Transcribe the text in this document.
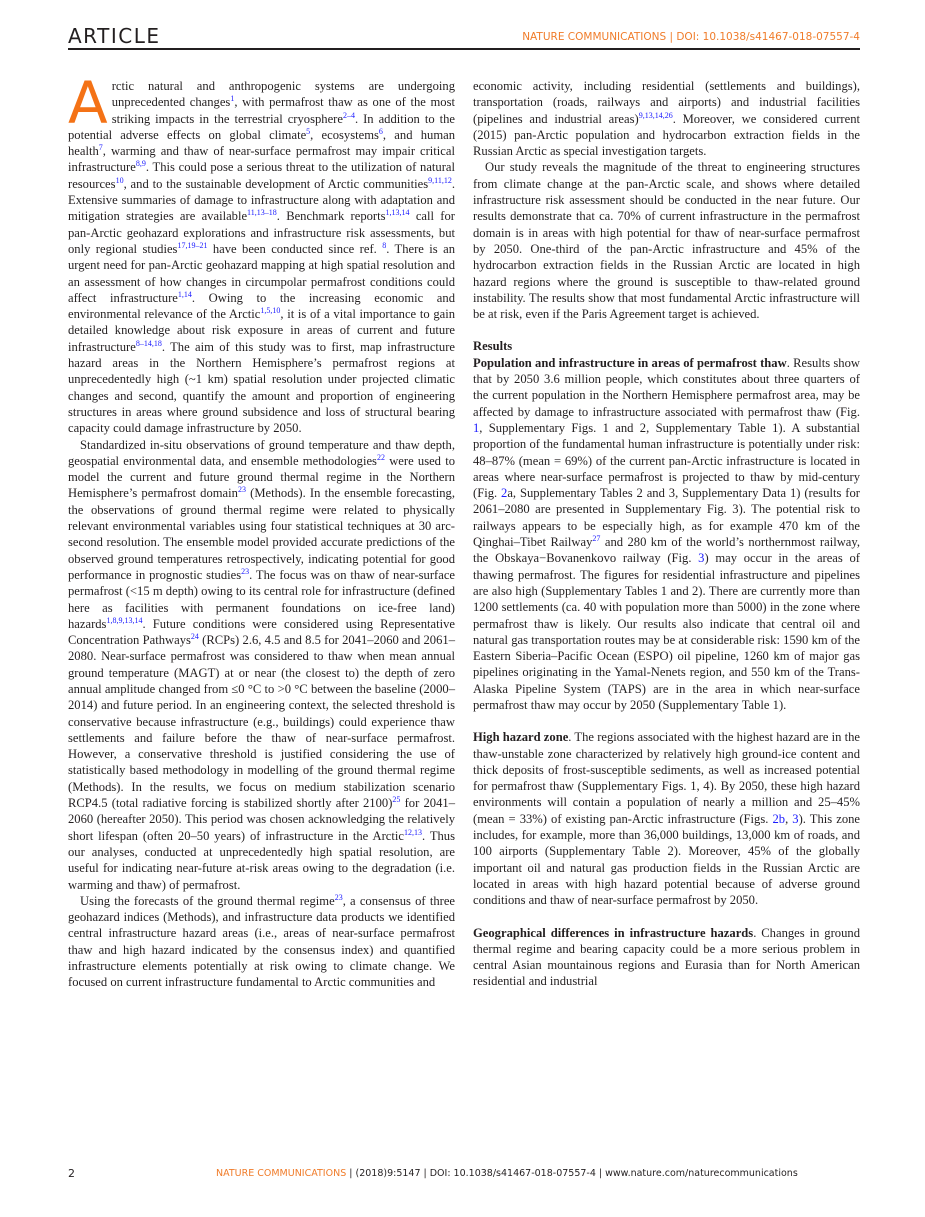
ARTICLE	NATURE COMMUNICATIONS | DOI: 10.1038/s41467-018-07557-4

Arctic natural and anthropogenic systems are undergoing unprecedented changes$^1$, with permafrost thaw as one of the most striking impacts in the terrestrial cryosphere$^{2-4}$. In addition to the potential adverse effects on global climate$^5$, ecosystems$^6$, and human health$^7$, warming and thaw of near-surface permafrost may impair critical infrastructure$^{8,9}$. This could pose a serious threat to the utilization of natural resources$^{10}$, and to the sustainable development of Arctic communities$^{9,11,12}$. Extensive summaries of damage to infrastructure along with adaptation and mitigation strategies are available$^{11,13-18}$. Benchmark reports$^{1,13,14}$ call for pan-Arctic geohazard explorations and infrastructure risk assessments, but only regional studies$^{17,19-21}$ have been conducted since ref. $^8$. There is an urgent need for pan-Arctic geohazard mapping at high spatial resolution and an assessment of how changes in circumpolar permafrost conditions could affect infrastructure$^{1,14}$. Owing to the increasing economic and environmental relevance of the Arctic$^{1,5,10}$, it is of a vital importance to gain detailed knowledge about risk exposure in areas of current and future infrastructure$^{8-14,18}$. The aim of this study was to first, map infrastructure hazard areas in the Northern Hemisphere’s permafrost regions at unprecedentedly high (~1 km) spatial resolution under projected climatic changes and second, quantify the amount and proportion of engineering structures in areas where ground subsidence and loss of structural bearing capacity could damage infrastructure by 2050.

Standardized in-situ observations of ground temperature and thaw depth, geospatial environmental data, and ensemble methodologies$^{22}$ were used to model the current and future ground thermal regime in the Northern Hemisphere’s permafrost domain$^{23}$ (Methods). In the ensemble forecasting, the observations of ground thermal regime were related to physically relevant environmental variables using four statistical techniques at 30 arc-second resolution. The ensemble model provided accurate predictions of the observed ground temperatures retrospectively, indicating potential for good performance in prognostic studies$^{23}$. The focus was on thaw of near-surface permafrost (<15 m depth) owing to its central role for infrastructure (defined here as facilities with permanent foundations on ice-free land) hazards$^{1,8,9,13,14}$. Future conditions were considered using Representative Concentration Pathways$^{24}$ (RCPs) 2.6, 4.5 and 8.5 for 2041–2060 and 2061–2080. Near-surface permafrost was considered to thaw when mean annual ground temperature (MAGT) at or near (the closest to) the depth of zero annual amplitude changed from ≤0 °C to >0 °C between the baseline (2000–2014) and future period. In an engineering context, the selected threshold is conservative because infrastructure (e.g., buildings) could experience thaw settlements and failure before the thaw of near-surface permafrost. However, a conservative threshold is justified considering the use of statistically based methodology in modelling of the ground thermal regime (Methods). In the results, we focus on medium stabilization scenario RCP4.5 (total radiative forcing is stabilized shortly after 2100)$^{25}$ for 2041–2060 (hereafter 2050). This period was chosen acknowledging the relatively short lifespan (often 20–50 years) of infrastructure in the Arctic$^{12,13}$. Thus our analyses, conducted at unprecedentedly high spatial resolution, are useful for indicating near-future at-risk areas owing to the degradation (i.e. warming and thaw) of permafrost.

Using the forecasts of the ground thermal regime$^{23}$, a consensus of three geohazard indices (Methods), and infrastructure data products we identified central infrastructure hazard areas (i.e., areas of near-surface permafrost thaw and high hazard indicated by the consensus index) and quantified infrastructure elements potentially at risk owing to climate change. We focused on current infrastructure fundamental to Arctic communities and

economic activity, including residential (settlements and buildings), transportation (roads, railways and airports) and industrial facilities (pipelines and industrial areas)$^{9,13,14,26}$. Moreover, we considered current (2015) pan-Arctic population and hydrocarbon extraction fields in the Russian Arctic as special investigation targets.

Our study reveals the magnitude of the threat to engineering structures from climate change at the pan-Arctic scale, and shows where detailed infrastructure risk assessment should be conducted in the near future. Our results demonstrate that ca. 70% of current infrastructure in the permafrost domain is in areas with high potential for thaw of near-surface permafrost by 2050. One-third of the pan-Arctic infrastructure and 45% of the hydrocarbon extraction fields in the Russian Arctic are located in high hazard regions where the ground is susceptible to thaw-related ground instability. The results show that most fundamental Arctic infrastructure will be at risk, even if the Paris Agreement target is achieved.

Results

Population and infrastructure in areas of permafrost thaw. Results show that by 2050 3.6 million people, which constitutes about three quarters of the current population in the Northern Hemisphere permafrost area, may be affected by damage to infrastructure associated with permafrost thaw (Fig. 1, Supplementary Figs. 1 and 2, Supplementary Table 1). A substantial proportion of the fundamental human infrastructure is potentially under risk: 48–87% (mean = 69%) of the current pan-Arctic infrastructure is located in areas where near-surface permafrost is projected to thaw by mid-century (Fig. 2a, Supplementary Tables 2 and 3, Supplementary Data 1) (results for 2061–2080 are presented in Supplementary Fig. 3). The potential risk to railways appears to be especially high, as for example 470 km of the Qinghai–Tibet Railway$^{27}$ and 280 km of the world’s northernmost railway, the Obskaya−Bovanenkovo railway (Fig. 3) may occur in the areas of thawing permafrost. The figures for residential infrastructure and pipelines are also high (Supplementary Tables 1 and 2). There are currently more than 1200 settlements (ca. 40 with population more than 5000) in the zone where permafrost thaw is likely. Our results also indicate that central oil and natural gas transportation routes may be at considerable risk: 1590 km of the Eastern Siberia–Pacific Ocean (ESPO) oil pipeline, 1260 km of major gas pipelines originating in the Yamal-Nenets region, and 550 km of the Trans-Alaska Pipeline System (TAPS) are in the area in which near-surface permafrost thaw may occur by 2050 (Supplementary Table 1).

High hazard zone. The regions associated with the highest hazard are in the thaw-unstable zone characterized by relatively high ground-ice content and thick deposits of frost-susceptible sediments, as well as increased potential for permafrost thaw (Supplementary Figs. 1, 4). By 2050, these high hazard environments will contain a population of nearly a million and 25–45% (mean = 33%) of existing pan-Arctic infrastructure (Figs. 2b, 3). This zone includes, for example, more than 36,000 buildings, 13,000 km of roads, and 100 airports (Supplementary Table 2). Moreover, 45% of the globally important oil and natural gas production fields in the Russian Arctic are located in areas with high hazard potential because of adverse ground conditions and thaw of near-surface permafrost by 2050.

Geographical differences in infrastructure hazards. Changes in ground thermal regime and bearing capacity could be a more serious problem in central Asian mountainous regions and Eurasia than for North American residential and industrial

2	NATURE COMMUNICATIONS | (2018)9:5147 | DOI: 10.1038/s41467-018-07557-4 | www.nature.com/naturecommunications
